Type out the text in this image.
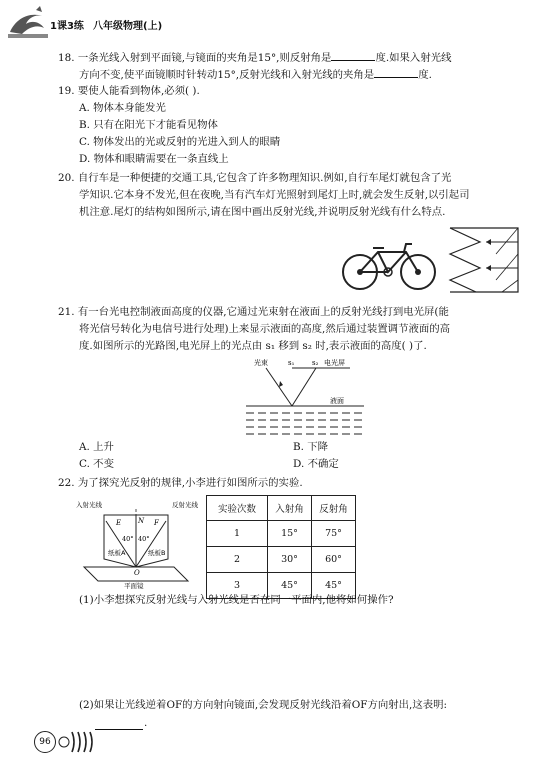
1课3练 八年级物理(上)
18. 一条光线入射到平面镜,与镜面的夹角是15°,则反射角是	度.如果入射光线
方向不变,使平面镜顺时针转动15°,反射光线和入射光线的夹角是	度.
19. 要使人能看到物体,必须( ).
A. 物体本身能发光
B. 只有在阳光下才能看见物体
C. 物体发出的光或反射的光进入到人的眼睛
D. 物体和眼睛需要在一条直线上
20. 自行车是一种便捷的交通工具,它包含了许多物理知识.例如,自行车尾灯就包含了光
学知识.它本身不发光,但在夜晚,当有汽车灯光照射到尾灯上时,就会发生反射,以引起司
机注意.尾灯的结构如图所示,请在图中画出反射光线,并说明反射光线有什么特点.
21. 有一台光电控制液面高度的仪器,它通过光束射在液面上的反射光线打到电光屏(能
将光信号转化为电信号进行处理)上来显示液面的高度,然后通过装置调节液面的高
度.如图所示的光路图,电光屏上的光点由 s₁ 移到 s₂ 时,表示液面的高度( )了.
光束	s₁	s₂ 电光屏
液面
A. 上升	B. 下降
C. 不变	D. 不确定
22. 为了探究光反射的规律,小李进行如图所示的实验.
入射光线	反射光线
E N F
40° 40°
纸板A	纸板B
O
平面镜
实验次数	入射角	反射角
1	15°	75°
2	30°	60°
3	45°	45°
(1)小李想探究反射光线与入射光线是否在同一平面内,他将如何操作?
(2)如果让光线逆着OF的方向射向镜面,会发现反射光线沿着OF方向射出,这表明:
.
96
